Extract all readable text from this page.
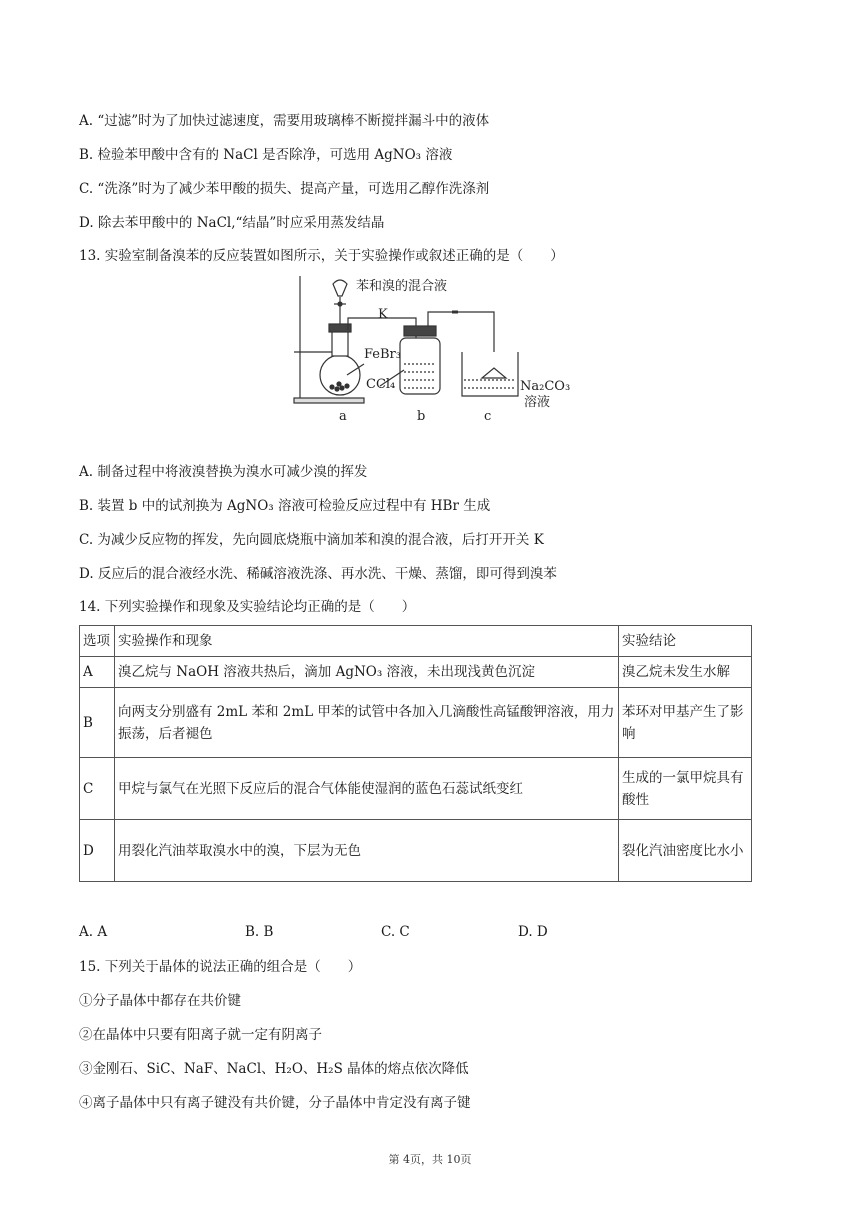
A. “过滤”时为了加快过滤速度，需要用玻璃棒不断搅拌漏斗中的液体
B. 检验苯甲酸中含有的 NaCl 是否除净，可选用 AgNO₃ 溶液
C. “洗涤”时为了减少苯甲酸的损失、提高产量，可选用乙醇作洗涤剂
D. 除去苯甲酸中的 NaCl,“结晶”时应采用蒸发结晶
13. 实验室制备溴苯的反应装置如图所示，关于实验操作或叙述正确的是（　　）
苯和溴的混合液
K
FeBr₃
CCl₄	Na₂CO₃
溶液
a	b	c
A. 制备过程中将液溴替换为溴水可减少溴的挥发
B. 装置 b 中的试剂换为 AgNO₃ 溶液可检验反应过程中有 HBr 生成
C. 为减少反应物的挥发，先向圆底烧瓶中滴加苯和溴的混合液，后打开开关 K
D. 反应后的混合液经水洗、稀碱溶液洗涤、再水洗、干燥、蒸馏，即可得到溴苯
14. 下列实验操作和现象及实验结论均正确的是（　　）
选项	实验操作和现象	实验结论
A	溴乙烷与 NaOH 溶液共热后，滴加 AgNO₃ 溶液，未出现浅黄色沉淀	溴乙烷未发生水解
B	向两支分别盛有 2mL 苯和 2mL 甲苯的试管中各加入几滴酸性高锰酸钾溶液，用力振荡，后者褪色	苯环对甲基产生了影响
C	甲烷与氯气在光照下反应后的混合气体能使湿润的蓝色石蕊试纸变红	生成的一氯甲烷具有酸性
D	用裂化汽油萃取溴水中的溴，下层为无色	裂化汽油密度比水小
A. A	B. B	C. C	D. D
15. 下列关于晶体的说法正确的组合是（　　）
①分子晶体中都存在共价键
②在晶体中只要有阳离子就一定有阴离子
③金刚石、SiC、NaF、NaCl、H₂O、H₂S 晶体的熔点依次降低
④离子晶体中只有离子键没有共价键，分子晶体中肯定没有离子键
第 4页，共 10页
